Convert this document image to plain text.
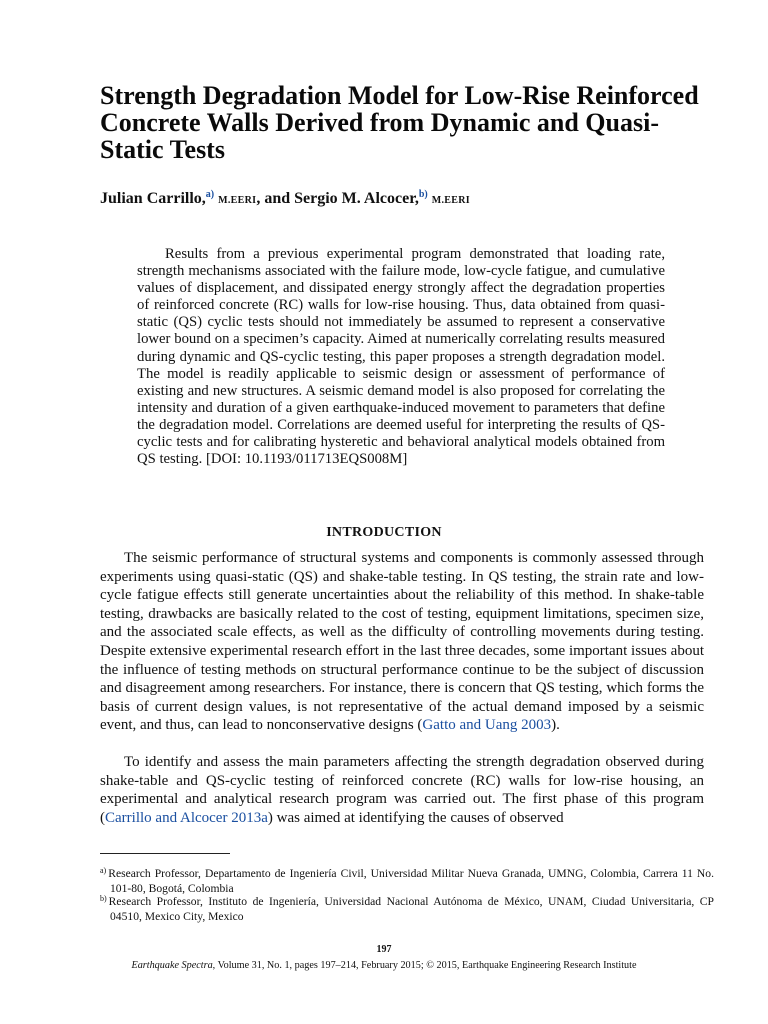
Strength Degradation Model for Low-Rise Reinforced Concrete Walls Derived from Dynamic and Quasi-Static Tests
Julian Carrillo,$^{a)}$ M.EERI, and Sergio M. Alcocer,$^{b)}$ M.EERI

Results from a previous experimental program demonstrated that loading rate, strength mechanisms associated with the failure mode, low-cycle fatigue, and cumulative values of displacement, and dissipated energy strongly affect the degradation properties of reinforced concrete (RC) walls for low-rise housing. Thus, data obtained from quasi-static (QS) cyclic tests should not immediately be assumed to represent a conservative lower bound on a specimen’s capacity. Aimed at numerically correlating results measured during dynamic and QS-cyclic testing, this paper proposes a strength degradation model. The model is readily applicable to seismic design or assessment of performance of existing and new structures. A seismic demand model is also proposed for correlating the intensity and duration of a given earthquake-induced movement to parameters that define the degradation model. Correlations are deemed useful for interpreting the results of QS-cyclic tests and for calibrating hysteretic and behavioral analytical models obtained from QS testing. [DOI: 10.1193/011713EQS008M]

INTRODUCTION

The seismic performance of structural systems and components is commonly assessed through experiments using quasi-static (QS) and shake-table testing. In QS testing, the strain rate and low-cycle fatigue effects still generate uncertainties about the reliability of this method. In shake-table testing, drawbacks are basically related to the cost of testing, equipment limitations, specimen size, and the associated scale effects, as well as the difficulty of controlling movements during testing. Despite extensive experimental research effort in the last three decades, some important issues about the influence of testing methods on structural performance continue to be the subject of discussion and disagreement among researchers. For instance, there is concern that QS testing, which forms the basis of current design values, is not representative of the actual demand imposed by a seismic event, and thus, can lead to nonconservative designs (Gatto and Uang 2003).

To identify and assess the main parameters affecting the strength degradation observed during shake-table and QS-cyclic testing of reinforced concrete (RC) walls for low-rise housing, an experimental and analytical research program was carried out. The first phase of this program (Carrillo and Alcocer 2013a) was aimed at identifying the causes of observed

$^{a)}$ Research Professor, Departamento de Ingeniería Civil, Universidad Militar Nueva Granada, UMNG, Colombia, Carrera 11 No. 101-80, Bogotá, Colombia

$^{b)}$ Research Professor, Instituto de Ingeniería, Universidad Nacional Autónoma de México, UNAM, Ciudad Universitaria, CP 04510, Mexico City, Mexico

197
Earthquake Spectra, Volume 31, No. 1, pages 197–214, February 2015; © 2015, Earthquake Engineering Research Institute
